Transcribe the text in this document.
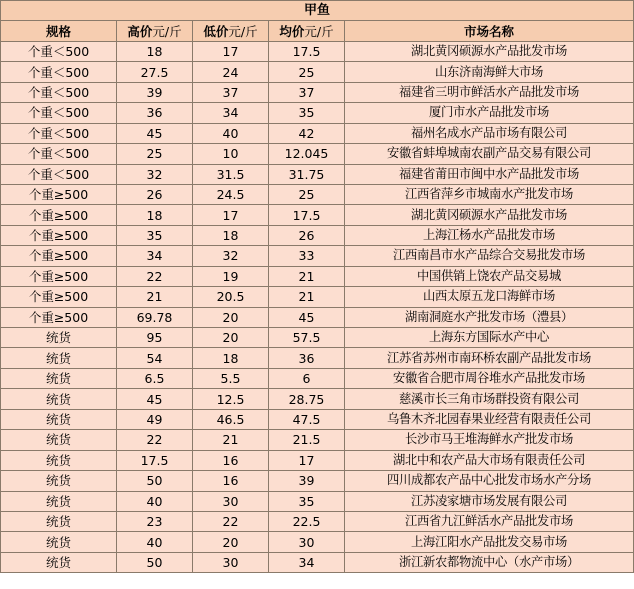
甲鱼				
规格	高价元/斤	低价元/斤	均价元/斤	市场名称
个重＜500	18	17	17.5	湖北黄冈硕源水产品批发市场
个重＜500	27.5	24	25	山东济南海鲜大市场
个重＜500	39	37	37	福建省三明市鲜活水产品批发市场
个重＜500	36	34	35	厦门市水产品批发市场
个重＜500	45	40	42	福州名成水产品市场有限公司
个重＜500	25	10	12.045	安徽省蚌埠城南农副产品交易有限公司
个重＜500	32	31.5	31.75	福建省莆田市闽中水产品批发市场
个重≥500	26	24.5	25	江西省萍乡市城南水产批发市场
个重≥500	18	17	17.5	湖北黄冈硕源水产品批发市场
个重≥500	35	18	26	上海江杨水产品批发市场
个重≥500	34	32	33	江西南昌市水产品综合交易批发市场
个重≥500	22	19	21	中国供销上饶农产品交易城
个重≥500	21	20.5	21	山西太原五龙口海鲜市场
个重≥500	69.78	20	45	湖南洞庭水产批发市场（澧县）
统货	95	20	57.5	上海东方国际水产中心
统货	54	18	36	江苏省苏州市南环桥农副产品批发市场
统货	6.5	5.5	6	安徽省合肥市周谷堆水产品批发市场
统货	45	12.5	28.75	慈溪市长三角市场群投资有限公司
统货	49	46.5	47.5	乌鲁木齐北园春果业经营有限责任公司
统货	22	21	21.5	长沙市马王堆海鲜水产批发市场
统货	17.5	16	17	湖北中和农产品大市场有限责任公司
统货	50	16	39	四川成都农产品中心批发市场水产分场
统货	40	30	35	江苏凌家塘市场发展有限公司
统货	23	22	22.5	江西省九江鲜活水产品批发市场
统货	40	20	30	上海江阳水产品批发交易市场
统货	50	30	34	浙江新农都物流中心（水产市场）
